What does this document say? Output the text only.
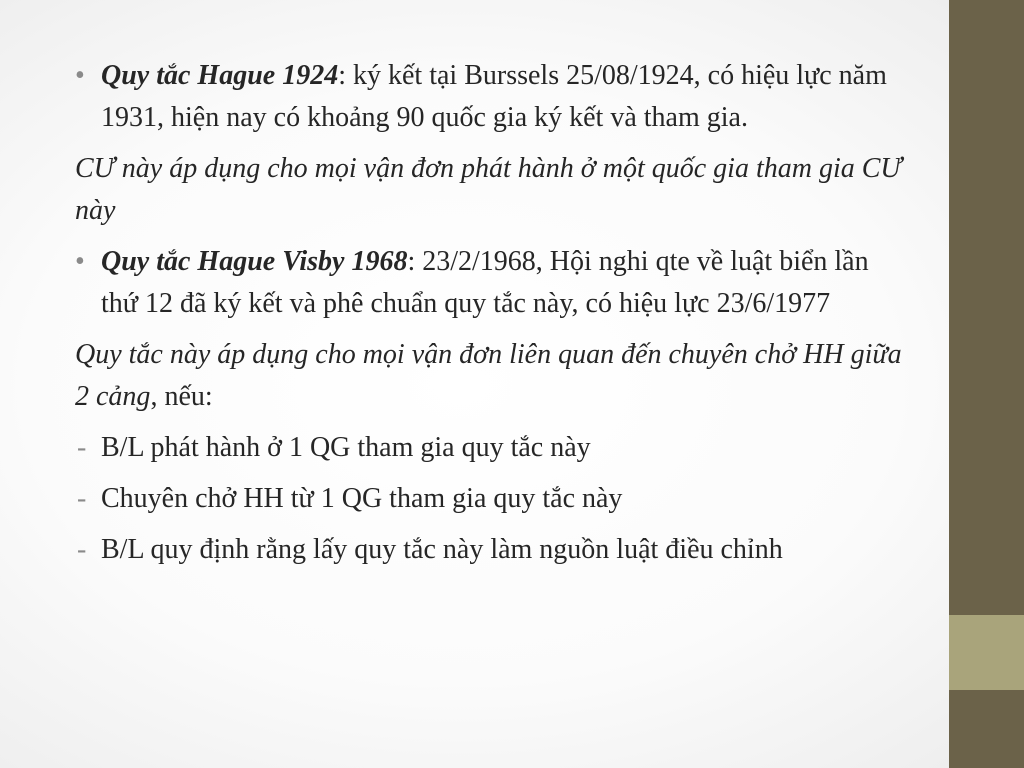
• Quy tắc Hague 1924: ký kết tại Burssels 25/08/1924, có hiệu lực năm 1931, hiện nay có khoảng 90 quốc gia ký kết và tham gia.
CƯ này áp dụng cho mọi vận đơn phát hành ở một quốc gia tham gia CƯ này
• Quy tắc Hague Visby 1968: 23/2/1968, Hội nghi qte về luật biển lần thứ 12 đã ký kết và phê chuẩn quy tắc này, có hiệu lực 23/6/1977
Quy tắc này áp dụng cho mọi vận đơn liên quan đến chuyên chở HH giữa 2 cảng, nếu:
- B/L phát hành ở 1 QG tham gia quy tắc này
- Chuyên chở HH từ 1 QG tham gia quy tắc này
- B/L quy định rằng lấy quy tắc này làm nguồn luật điều chỉnh
